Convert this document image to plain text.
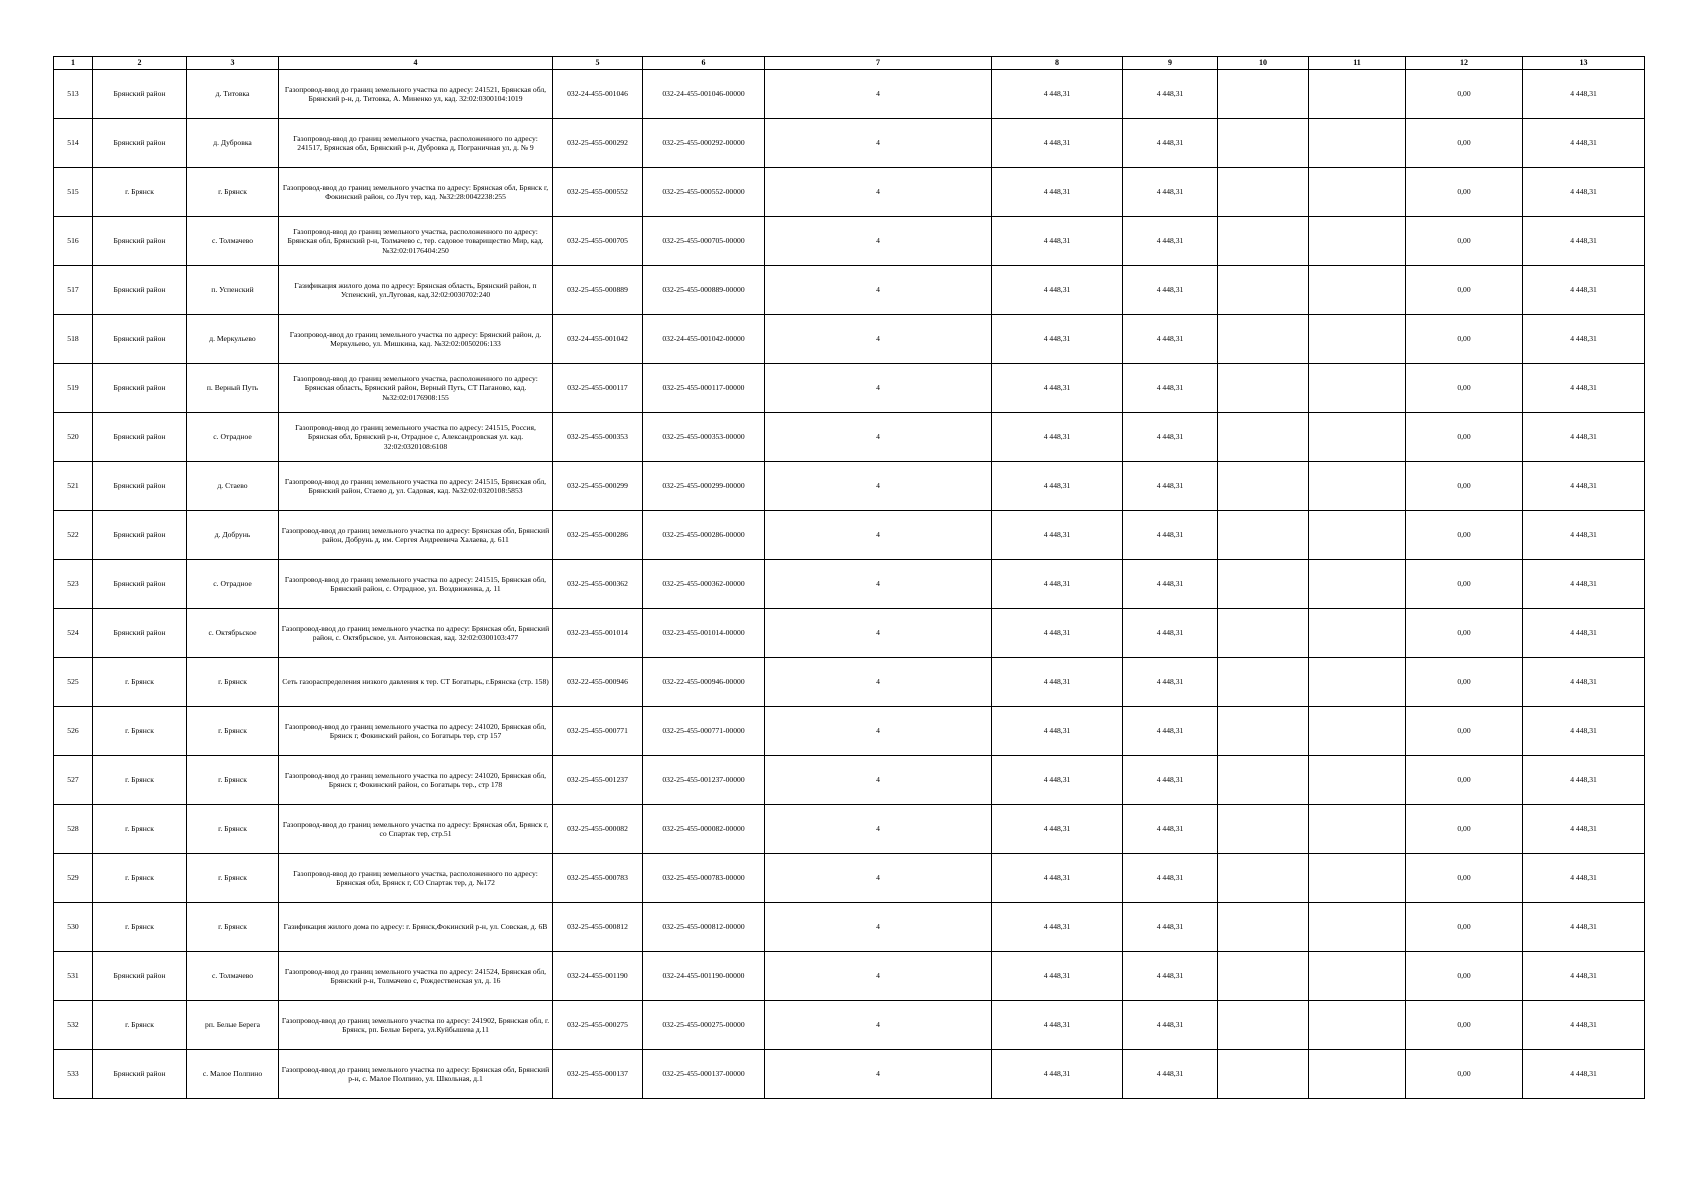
1	2	3	4	5	6	7	8	9	10	11	12	13
513	Брянский район	д. Титовка	Газопровод-ввод до границ земельного участка по адресу: 241521, Брянская обл, Брянский р-н, д. Титовка, А. Миненко ул, кад. 32:02:0300104:1019	032-24-455-001046	032-24-455-001046-00000	4	4 448,31	4 448,31			0,00	4 448,31
514	Брянский район	д. Дубровка	Газопровод-ввод до границ земельного участка, расположенного по адресу: 241517, Брянская обл, Брянский р-н, Дубровка д, Пограничная ул, д. № 9	032-25-455-000292	032-25-455-000292-00000	4	4 448,31	4 448,31			0,00	4 448,31
515	г. Брянск	г. Брянск	Газопровод-ввод до границ земельного участка по адресу: Брянская обл, Брянск г, Фокинский район, со Луч тер, кад. №32:28:0042238:255	032-25-455-000552	032-25-455-000552-00000	4	4 448,31	4 448,31			0,00	4 448,31
516	Брянский район	с. Толмачево	Газопровод-ввод до границ земельного участка, расположенного по адресу: Брянская обл, Брянский р-н, Толмачево с, тер. садовое товарищество Мир, кад. №32:02:0176404:250	032-25-455-000705	032-25-455-000705-00000	4	4 448,31	4 448,31			0,00	4 448,31
517	Брянский район	п. Успенский	Газификация жилого дома по адресу: Брянская область, Брянский район, п Успенский, ул.Луговая, кад.32:02:0030702:240	032-25-455-000889	032-25-455-000889-00000	4	4 448,31	4 448,31			0,00	4 448,31
518	Брянский район	д. Меркульево	Газопровод-ввод до границ земельного участка по адресу: Брянский район, д. Меркульево, ул. Мишкина, кад. №32:02:0050206:133	032-24-455-001042	032-24-455-001042-00000	4	4 448,31	4 448,31			0,00	4 448,31
519	Брянский район	п. Верный Путь	Газопровод-ввод до границ земельного участка, расположенного по адресу: Брянская область, Брянский район, Верный Путь, СТ Паганово, кад. №32:02:0176908:155	032-25-455-000117	032-25-455-000117-00000	4	4 448,31	4 448,31			0,00	4 448,31
520	Брянский район	с. Отрадное	Газопровод-ввод до границ земельного участка по адресу: 241515, Россия, Брянская обл, Брянский р-н, Отрадное с, Александровская ул. кад. 32:02:0320108:6108	032-25-455-000353	032-25-455-000353-00000	4	4 448,31	4 448,31			0,00	4 448,31
521	Брянский район	д. Стаево	Газопровод-ввод до границ земельного участка по адресу: 241515, Брянская обл, Брянский район, Стаево д, ул. Садовая, кад. №32:02:0320108:5853	032-25-455-000299	032-25-455-000299-00000	4	4 448,31	4 448,31			0,00	4 448,31
522	Брянский район	д. Добрунь	Газопровод-ввод до границ земельного участка по адресу: Брянская обл, Брянский район, Добрунь д, им. Сергея Андреевича Халаева, д. 611	032-25-455-000286	032-25-455-000286-00000	4	4 448,31	4 448,31			0,00	4 448,31
523	Брянский район	с. Отрадное	Газопровод-ввод до границ земельного участка по адресу: 241515, Брянская обл, Брянский район, с. Отрадное, ул. Воздвиженка, д. 11	032-25-455-000362	032-25-455-000362-00000	4	4 448,31	4 448,31			0,00	4 448,31
524	Брянский район	с. Октябрьское	Газопровод-ввод до границ земельного участка по адресу: Брянская обл, Брянский район, с. Октябрьское, ул. Антоновская, кад. 32:02:0300103:477	032-23-455-001014	032-23-455-001014-00000	4	4 448,31	4 448,31			0,00	4 448,31
525	г. Брянск	г. Брянск	Сеть газораспределения низкого давления к тер. СТ Богатырь, г.Брянска (стр. 158)	032-22-455-000946	032-22-455-000946-00000	4	4 448,31	4 448,31			0,00	4 448,31
526	г. Брянск	г. Брянск	Газопровод-ввод до границ земельного участка по адресу: 241020, Брянская обл, Брянск г, Фокинский район, со Богатырь тер, стр 157	032-25-455-000771	032-25-455-000771-00000	4	4 448,31	4 448,31			0,00	4 448,31
527	г. Брянск	г. Брянск	Газопровод-ввод до границ земельного участка по адресу: 241020, Брянская обл, Брянск г, Фокинский район, со Богатырь тер., стр 178	032-25-455-001237	032-25-455-001237-00000	4	4 448,31	4 448,31			0,00	4 448,31
528	г. Брянск	г. Брянск	Газопровод-ввод до границ земельного участка по адресу: Брянская обл, Брянск г, со Спартак тер, стр.51	032-25-455-000082	032-25-455-000082-00000	4	4 448,31	4 448,31			0,00	4 448,31
529	г. Брянск	г. Брянск	Газопровод-ввод до границ земельного участка, расположенного по адресу: Брянская обл, Брянск г, СО Спартак тер, д. №172	032-25-455-000783	032-25-455-000783-00000	4	4 448,31	4 448,31			0,00	4 448,31
530	г. Брянск	г. Брянск	Газификация жилого дома по адресу: г. Брянск,Фокинский р-н, ул. Совская, д. 6В	032-25-455-000812	032-25-455-000812-00000	4	4 448,31	4 448,31			0,00	4 448,31
531	Брянский район	с. Толмачево	Газопровод-ввод до границ земельного участка по адресу: 241524, Брянская обл, Брянский р-н, Толмачево с, Рождественская ул, д. 16	032-24-455-001190	032-24-455-001190-00000	4	4 448,31	4 448,31			0,00	4 448,31
532	г. Брянск	рп. Белые Берега	Газопровод-ввод до границ земельного участка по адресу: 241902, Брянская обл, г. Брянск, рп. Белые Берега, ул.Куйбышева д.11	032-25-455-000275	032-25-455-000275-00000	4	4 448,31	4 448,31			0,00	4 448,31
533	Брянский район	с. Малое Полпино	Газопровод-ввод до границ земельного участка по адресу: Брянская обл, Брянский р-н, с. Малое Полпино, ул. Школьная, д.1	032-25-455-000137	032-25-455-000137-00000	4	4 448,31	4 448,31			0,00	4 448,31
